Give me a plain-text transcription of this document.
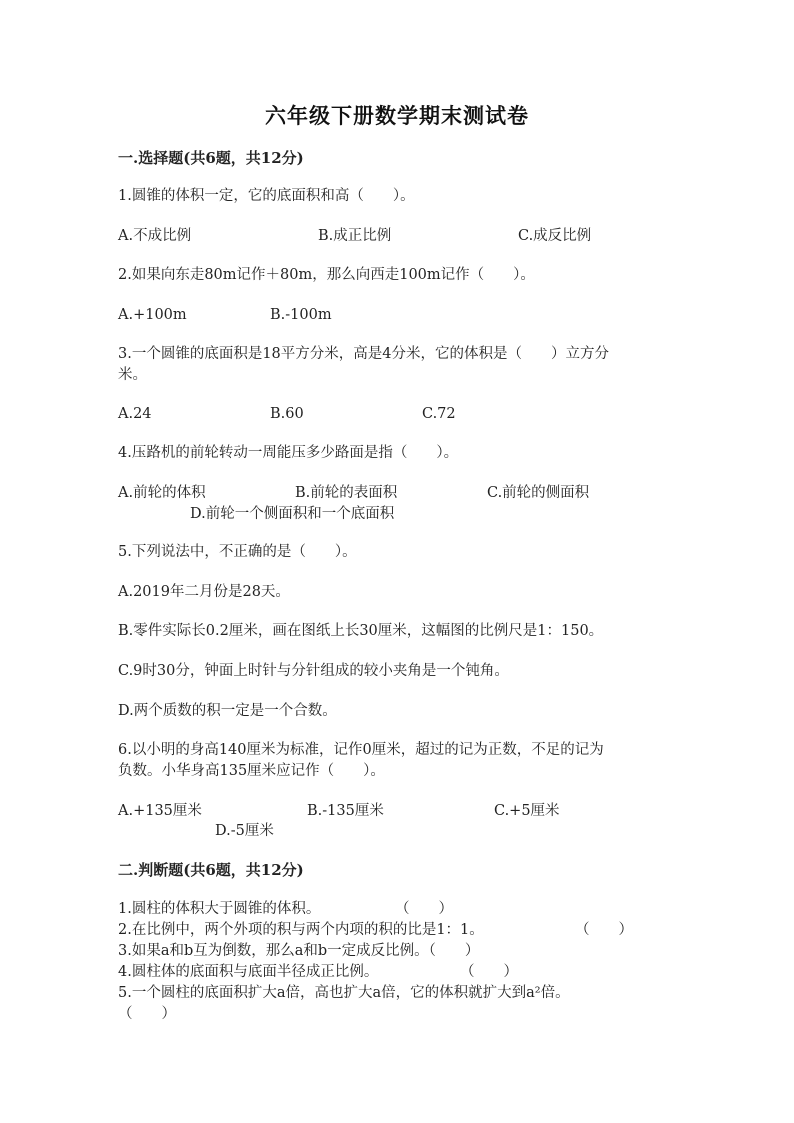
六年级下册数学期末测试卷
一.选择题(共6题，共12分)
1.圆锥的体积一定，它的底面积和高（　　）。
A.不成比例	B.成正比例	C.成反比例
2.如果向东走80m记作＋80m，那么向西走100m记作（　　）。
A.+100m	B.-100m
3.一个圆锥的底面积是18平方分米，高是4分米，它的体积是（　　）立方分
米。
A.24	B.60	C.72
4.压路机的前轮转动一周能压多少路面是指（　　）。
A.前轮的体积	B.前轮的表面积	C.前轮的侧面积
D.前轮一个侧面积和一个底面积
5.下列说法中，不正确的是（　　）。
A.2019年二月份是28天。
B.零件实际长0.2厘米，画在图纸上长30厘米，这幅图的比例尺是1：150。
C.9时30分，钟面上时针与分针组成的较小夹角是一个钝角。
D.两个质数的积一定是一个合数。
6.以小明的身高140厘米为标准，记作0厘米，超过的记为正数，不足的记为
负数。小华身高135厘米应记作（　　）。
A.+135厘米	B.-135厘米	C.+5厘米
D.-5厘米
二.判断题(共6题，共12分)
1.圆柱的体积大于圆锥的体积。	（　　）
2.在比例中，两个外项的积与两个内项的积的比是1：1。	（　　）
3.如果a和b互为倒数，那么a和b一定成反比例。（　　）
4.圆柱体的底面积与底面半径成正比例。	（　　）
5.一个圆柱的底面积扩大a倍，高也扩大a倍，它的体积就扩大到a²倍。
（　　）
